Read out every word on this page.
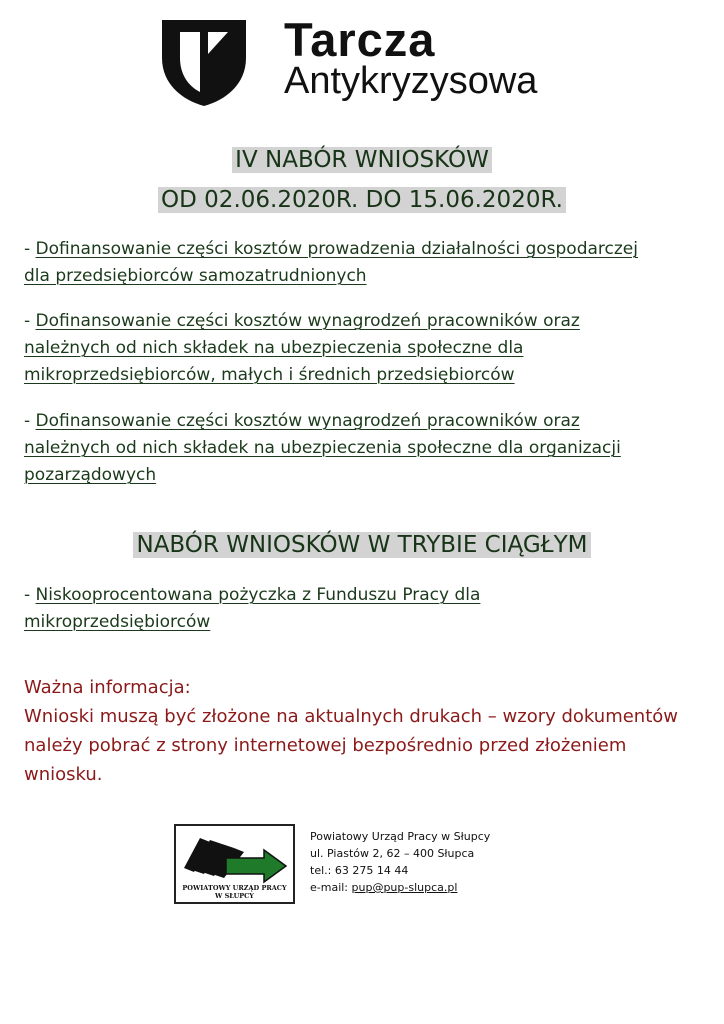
Tarcza
Antykryzysowa
IV NABÓR WNIOSKÓW
OD 02.06.2020R. DO 15.06.2020R.

- Dofinansowanie części kosztów prowadzenia działalności gospodarczej

dla przedsiębiorców samozatrudnionych

- Dofinansowanie części kosztów wynagrodzeń pracowników oraz

należnych od nich składek na ubezpieczenia społeczne dla

mikroprzedsiębiorców, małych i średnich przedsiębiorców

- Dofinansowanie części kosztów wynagrodzeń pracowników oraz

należnych od nich składek na ubezpieczenia społeczne dla organizacji

pozarządowych

NABÓR WNIOSKÓW W TRYBIE CIĄGŁYM

- Niskooprocentowana pożyczka z Funduszu Pracy dla

mikroprzedsiębiorców

Ważna informacja:

Wnioski muszą być złożone na aktualnych drukach – wzory dokumentów

należy pobrać z strony internetowej bezpośrednio przed złożeniem

wniosku.

POWIATOWY URZĄD PRACY
W SŁUPCY
Powiatowy Urząd Pracy w Słupcy
ul. Piastów 2, 62 – 400 Słupca
tel.: 63 275 14 44
e-mail: pup@pup-slupca.pl
